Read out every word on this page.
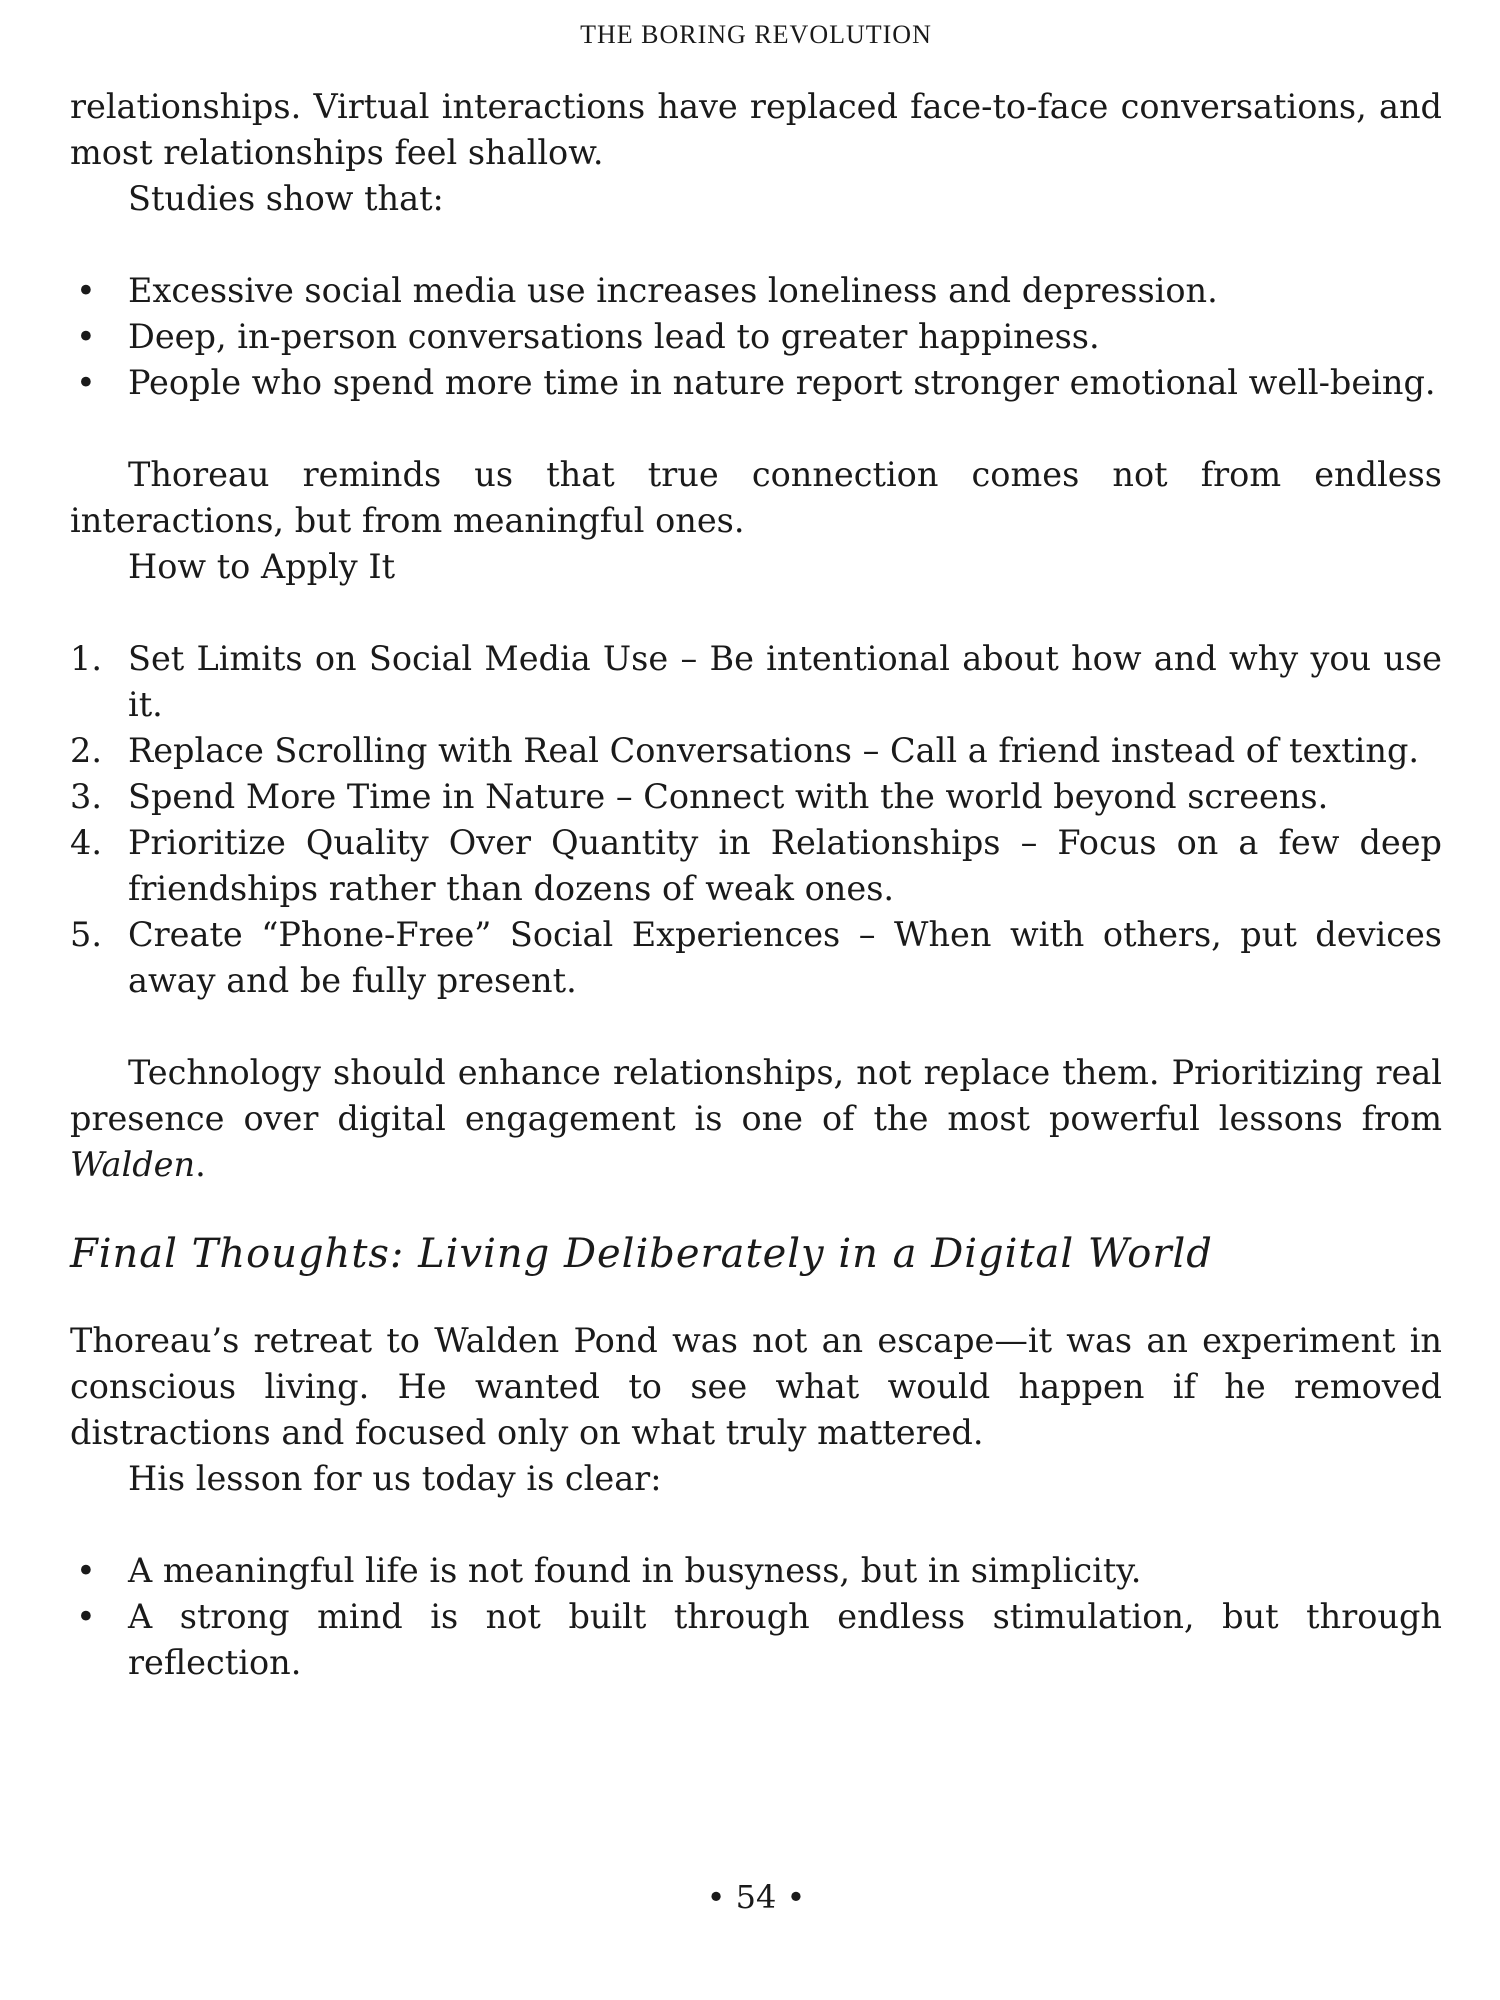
THE BORING REVOLUTION

relationships. Virtual interactions have replaced face-to-face conversations, and most relationships feel shallow.

Studies show that:

• Excessive social media use increases loneliness and depression.
• Deep, in-person conversations lead to greater happiness.
• People who spend more time in nature report stronger emotional well-being.

Thoreau reminds us that true connection comes not from endless interactions, but from meaningful ones.

How to Apply It

1. Set Limits on Social Media Use – Be intentional about how and why you use it.
2. Replace Scrolling with Real Conversations – Call a friend instead of texting.
3. Spend More Time in Nature – Connect with the world beyond screens.
4. Prioritize Quality Over Quantity in Relationships – Focus on a few deep friendships rather than dozens of weak ones.
5. Create “Phone-Free” Social Experiences – When with others, put devices away and be fully present.

Technology should enhance relationships, not replace them. Prioritizing real presence over digital engagement is one of the most powerful lessons from Walden.

Final Thoughts: Living Deliberately in a Digital World

Thoreau’s retreat to Walden Pond was not an escape—it was an experiment in conscious living. He wanted to see what would happen if he removed distractions and focused only on what truly mattered.

His lesson for us today is clear:

• A meaningful life is not found in busyness, but in simplicity.
• A strong mind is not built through endless stimulation, but through reflection.
• 54 •
